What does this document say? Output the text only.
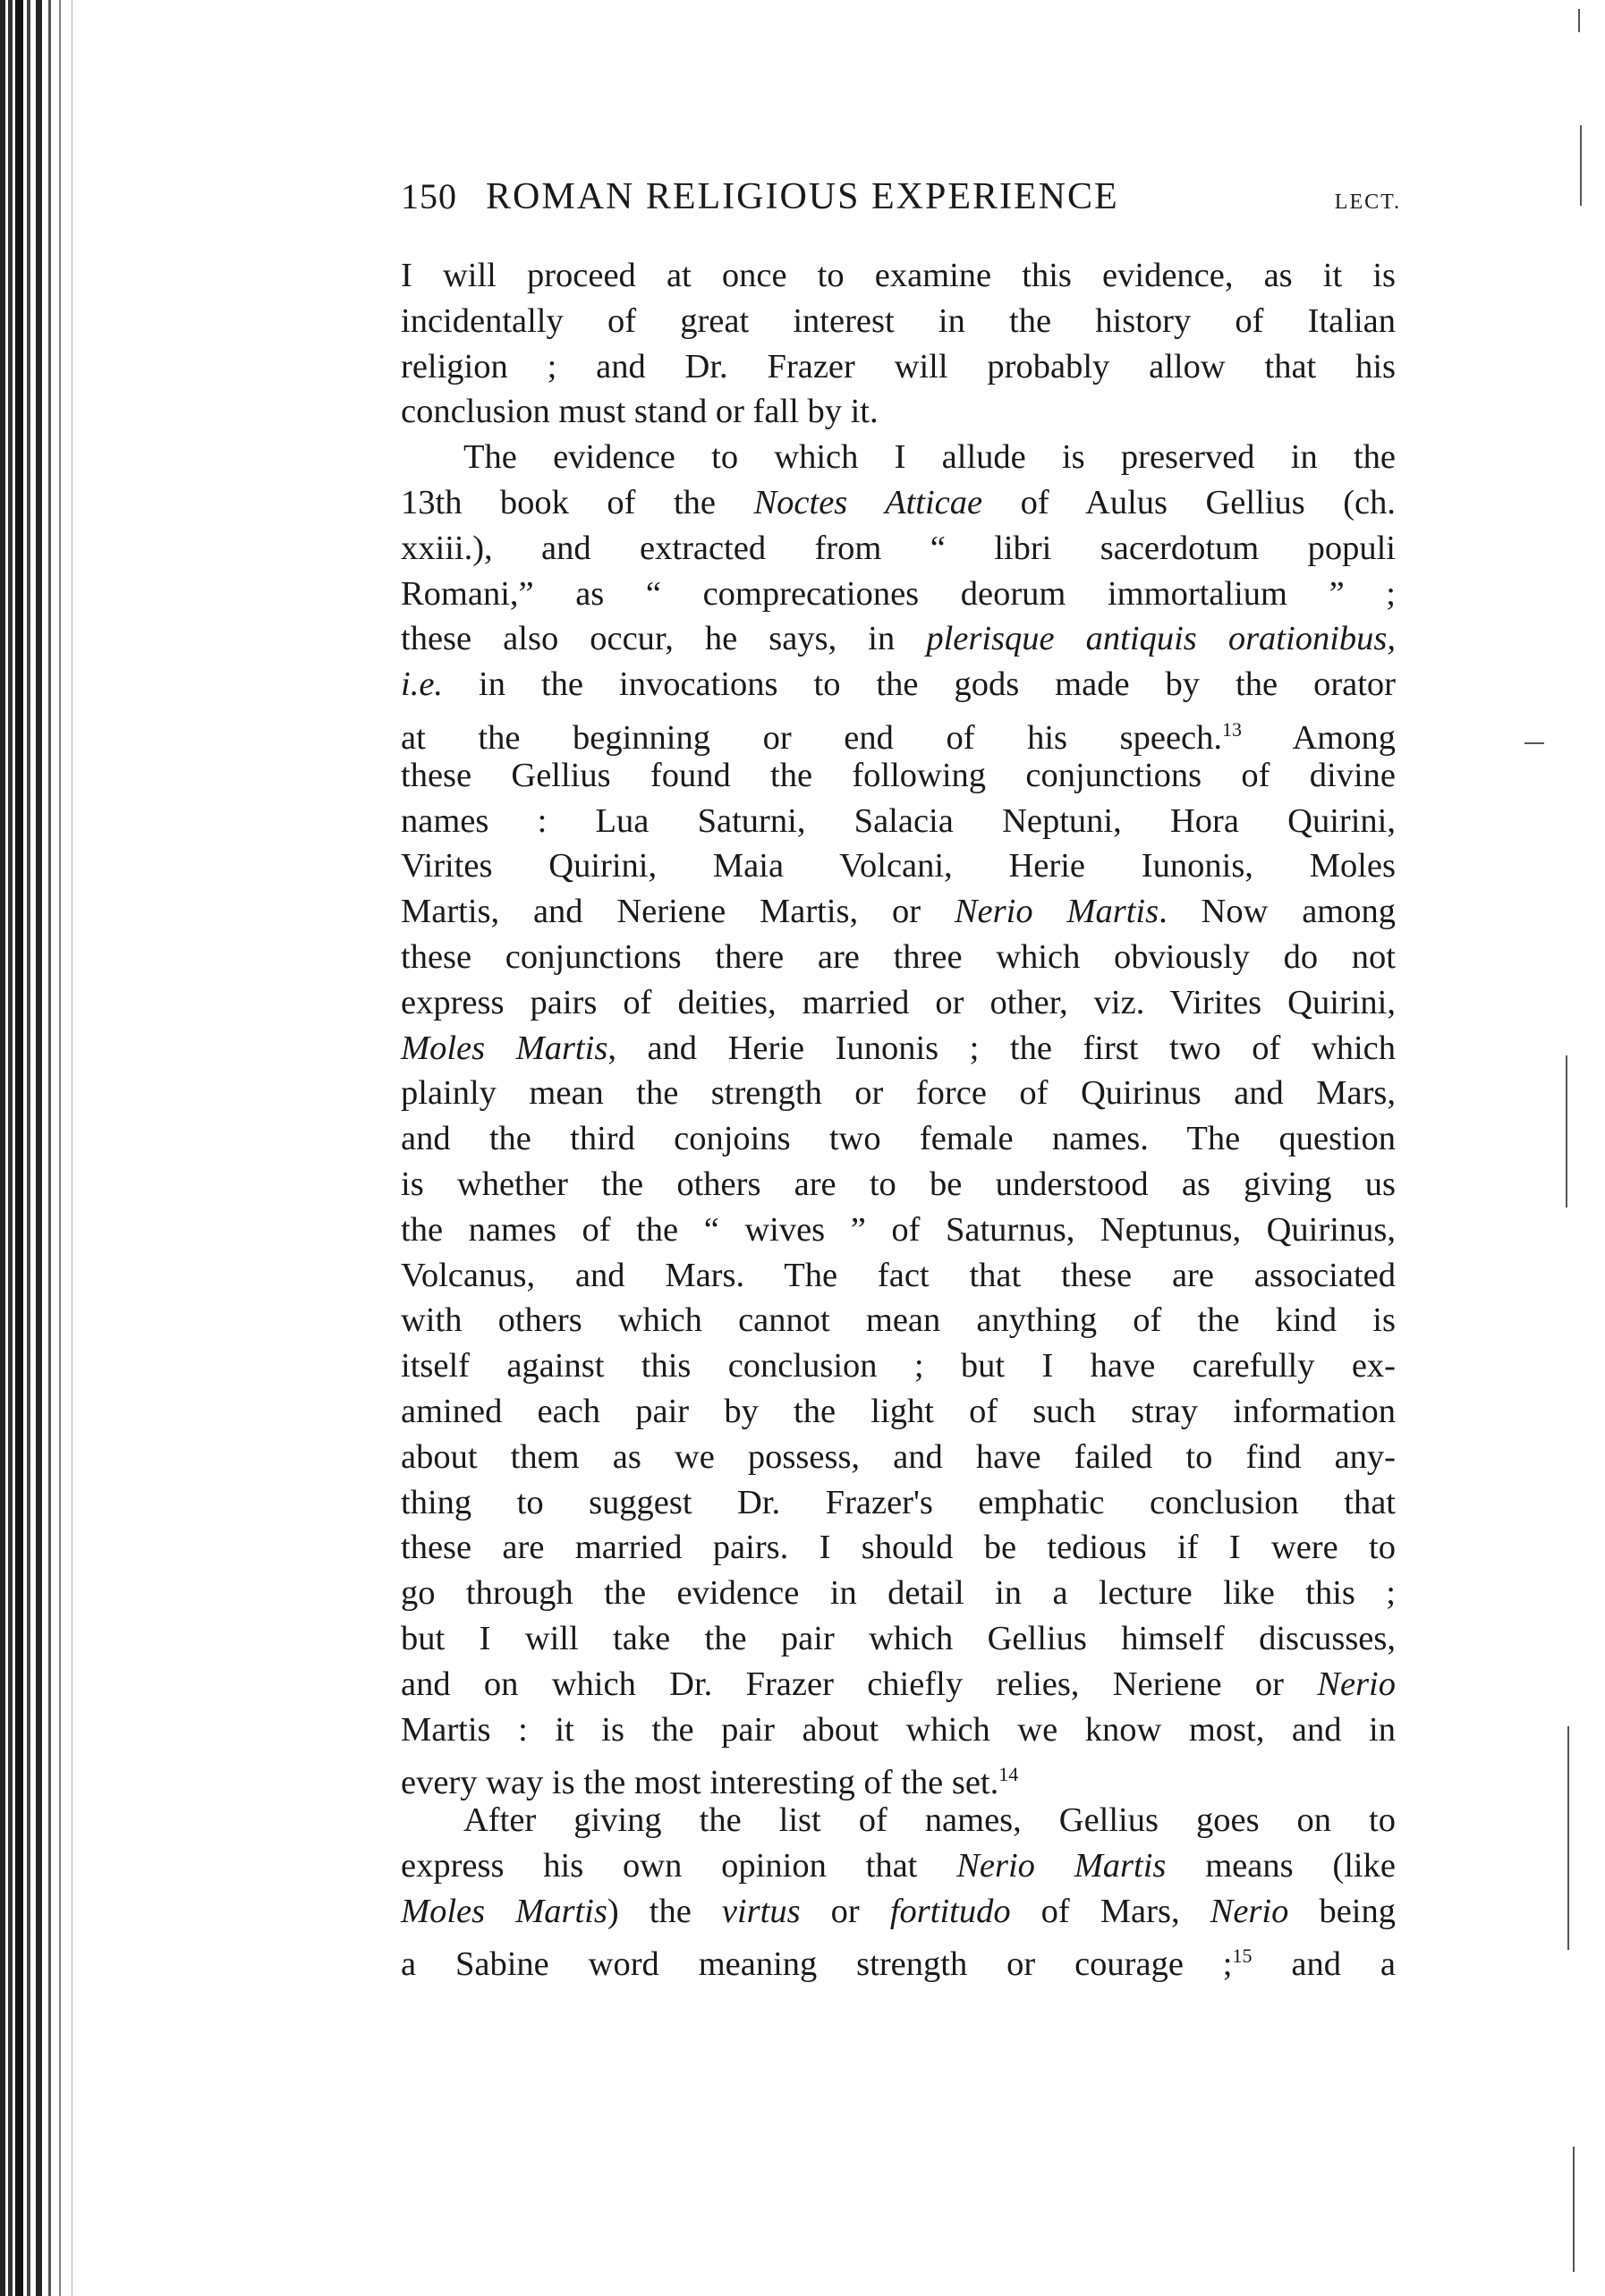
150 ROMAN RELIGIOUS EXPERIENCE	LECT.
I will proceed at once to examine this evidence, as it is
incidentally of great interest in the history of Italian
religion ; and Dr. Frazer will probably allow that his
conclusion must stand or fall by it.
The evidence to which I allude is preserved in the
13th book of the Noctes Atticae of Aulus Gellius (ch.
xxiii.), and extracted from “ libri sacerdotum populi
Romani,” as “ comprecationes deorum immortalium ” ;
these also occur, he says, in plerisque antiquis orationibus,
i.e. in the invocations to the gods made by the orator
at the beginning or end of his speech.$^{13}$ Among
these Gellius found the following conjunctions of divine
names : Lua Saturni, Salacia Neptuni, Hora Quirini,
Virites Quirini, Maia Volcani, Herie Iunonis, Moles
Martis, and Neriene Martis, or Nerio Martis. Now among
these conjunctions there are three which obviously do not
express pairs of deities, married or other, viz. Virites Quirini,
Moles Martis, and Herie Iunonis ; the first two of which
plainly mean the strength or force of Quirinus and Mars,
and the third conjoins two female names. The question
is whether the others are to be understood as giving us
the names of the “ wives ” of Saturnus, Neptunus, Quirinus,
Volcanus, and Mars. The fact that these are associated
with others which cannot mean anything of the kind is
itself against this conclusion ; but I have carefully ex-
amined each pair by the light of such stray information
about them as we possess, and have failed to find any-
thing to suggest Dr. Frazer's emphatic conclusion that
these are married pairs. I should be tedious if I were to
go through the evidence in detail in a lecture like this ;
but I will take the pair which Gellius himself discusses,
and on which Dr. Frazer chiefly relies, Neriene or Nerio
Martis : it is the pair about which we know most, and in
every way is the most interesting of the set.$^{14}$
After giving the list of names, Gellius goes on to
express his own opinion that Nerio Martis means (like
Moles Martis) the virtus or fortitudo of Mars, Nerio being
a Sabine word meaning strength or courage ;$^{15}$ and a
